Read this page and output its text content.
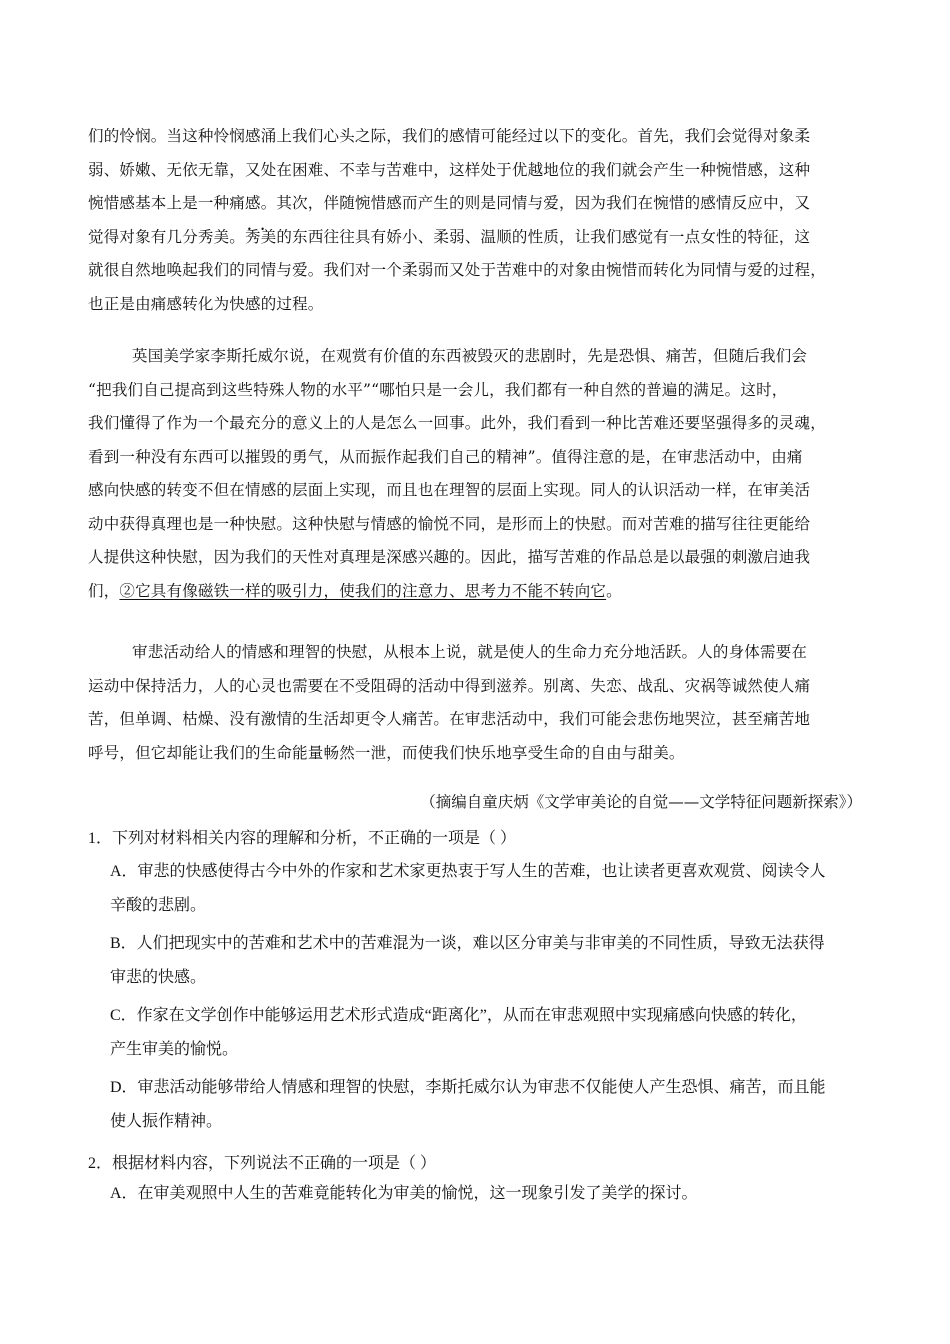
们的怜悯。当这种怜悯感涌上我们心头之际，我们的感情可能经过以下的变化。首先，我们会觉得对象柔
弱、娇嫩、无依无靠，又处在困难、不幸与苦难中，这样处于优越地位的我们就会产生一种惋惜感，这种
惋惜感基本上是一种痛感。其次，伴随惋惜感而产生的则是同情与爱，因为我们在惋惜的感情反应中，又
觉得对象有几分秀美。• • 秀美的东西往往具有娇小、柔弱、温顺的性质，让我们感觉有一点女性的特征，这
就很自然地唤起我们的同情与爱。我们对一个柔弱而又处于苦难中的对象由惋惜而转化为同情与爱的过程，
也正是由痛感转化为快感的过程。
英国美学家李斯托威尔说，在观赏有价值的东西被毁灭的悲剧时，先是恐惧、痛苦，但随后我们会
“把我们自己提高到这些特殊人物的水平”“哪怕只是一会儿，我们都有一种自然的普遍的满足。这时，
我们懂得了作为一个最充分的意义上的人是怎么一回事。此外，我们看到一种比苦难还要坚强得多的灵魂，
看到一种没有东西可以摧毁的勇气，从而振作起我们自己的精神”。值得注意的是，在审悲活动中，由痛
感向快感的转变不但在情感的层面上实现，而且也在理智的层面上实现。同人的认识活动一样，在审美活
动中获得真理也是一种快慰。这种快慰与情感的愉悦不同，是形而上的快慰。而对苦难的描写往往更能给
人提供这种快慰，因为我们的天性对真理是深感兴趣的。因此，描写苦难的作品总是以最强的刺激启迪我
们，②它具有像磁铁一样的吸引力，使我们的注意力、思考力不能不转向它。
审悲活动给人的情感和理智的快慰，从根本上说，就是使人的生命力充分地活跃。人的身体需要在
运动中保持活力，人的心灵也需要在不受阻碍的活动中得到滋养。别离、失恋、战乱、灾祸等诚然使人痛
苦，但单调、枯燥、没有激情的生活却更令人痛苦。在审悲活动中，我们可能会悲伤地哭泣，甚至痛苦地
呼号，但它却能让我们的生命能量畅然一泄，而使我们快乐地享受生命的自由与甜美。
（摘编自童庆炳《文学审美论的自觉——文学特征问题新探索》）
1．下列对材料相关内容的理解和分析，不正确的一项是（ ）
A．审悲的快感使得古今中外的作家和艺术家更热衷于写人生的苦难，也让读者更喜欢观赏、阅读令人
辛酸的悲剧。
B．人们把现实中的苦难和艺术中的苦难混为一谈，难以区分审美与非审美的不同性质，导致无法获得
审悲的快感。
C．作家在文学创作中能够运用艺术形式造成“距离化”，从而在审悲观照中实现痛感向快感的转化，
产生审美的愉悦。
D．审悲活动能够带给人情感和理智的快慰，李斯托威尔认为审悲不仅能使人产生恐惧、痛苦，而且能
使人振作精神。
2．根据材料内容，下列说法不正确的一项是（ ）
A．在审美观照中人生的苦难竟能转化为审美的愉悦，这一现象引发了美学的探讨。
